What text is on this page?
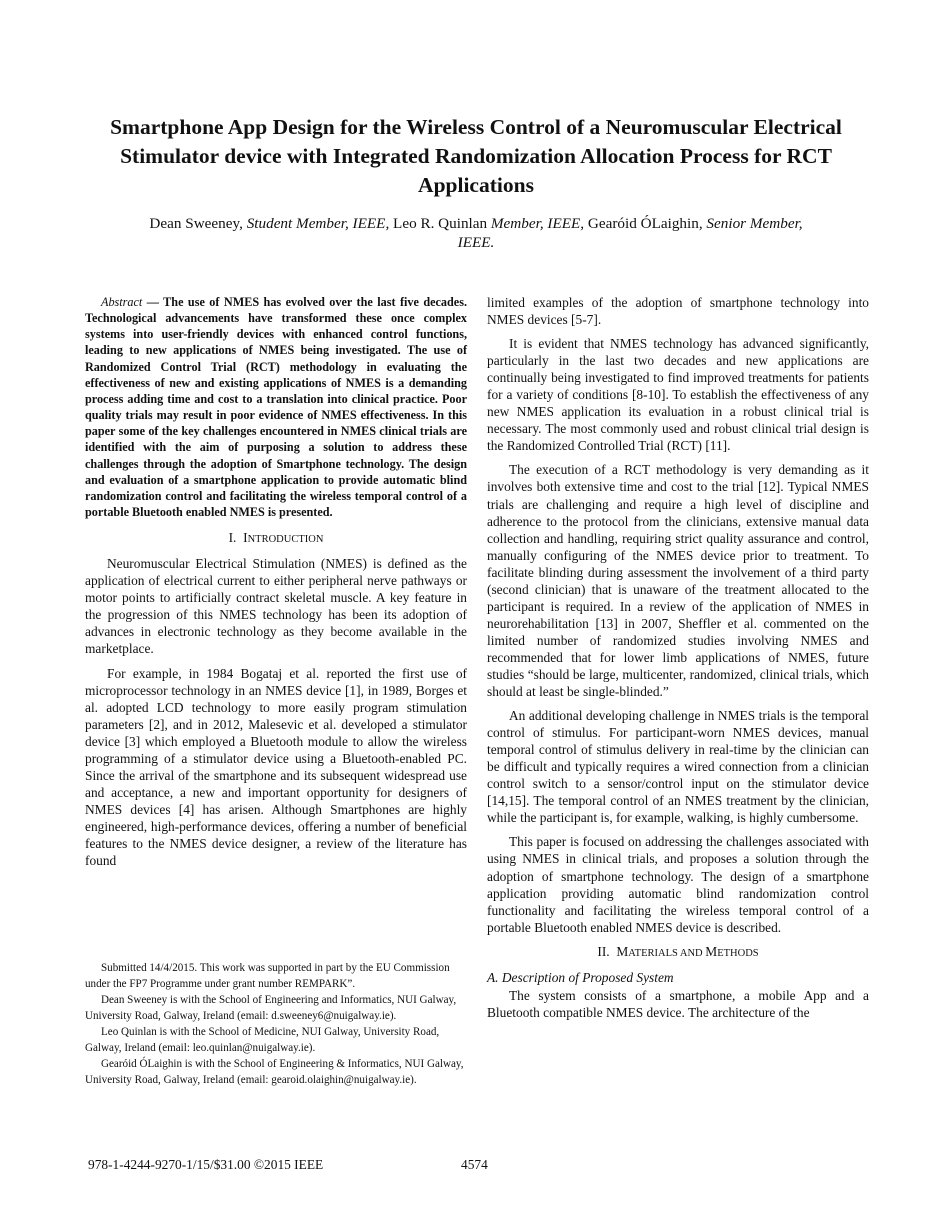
Smartphone App Design for the Wireless Control of a Neuromuscular Electrical Stimulator device with Integrated Randomization Allocation Process for RCT Applications
Dean Sweeney, Student Member, IEEE, Leo R. Quinlan Member, IEEE, Gearóid ÓLaighin, Senior Member, IEEE.
Abstract — The use of NMES has evolved over the last five decades. Technological advancements have transformed these once complex systems into user-friendly devices with enhanced control functions, leading to new applications of NMES being investigated. The use of Randomized Control Trial (RCT) methodology in evaluating the effectiveness of new and existing applications of NMES is a demanding process adding time and cost to a translation into clinical practice. Poor quality trials may result in poor evidence of NMES effectiveness. In this paper some of the key challenges encountered in NMES clinical trials are identified with the aim of purposing a solution to address these challenges through the adoption of Smartphone technology. The design and evaluation of a smartphone application to provide automatic blind randomization control and facilitating the wireless temporal control of a portable Bluetooth enabled NMES is presented.
I. INTRODUCTION

Neuromuscular Electrical Stimulation (NMES) is defined as the application of electrical current to either peripheral nerve pathways or motor points to artificially contract skeletal muscle. A key feature in the progression of this NMES technology has been its adoption of advances in electronic technology as they become available in the marketplace.

For example, in 1984 Bogataj et al. reported the first use of microprocessor technology in an NMES device [1], in 1989, Borges et al. adopted LCD technology to more easily program stimulation parameters [2], and in 2012, Malesevic et al. developed a stimulator device [3] which employed a Bluetooth module to allow the wireless programming of a stimulator device using a Bluetooth-enabled PC. Since the arrival of the smartphone and its subsequent widespread use and acceptance, a new and important opportunity for designers of NMES devices [4] has arisen. Although Smartphones are highly engineered, high-performance devices, offering a number of beneficial features to the NMES device designer, a review of the literature has found

Submitted 14/4/2015. This work was supported in part by the EU Commission under the FP7 Programme under grant number REMPARK”.
Dean Sweeney is with the School of Engineering and Informatics, NUI Galway, University Road, Galway, Ireland (email: d.sweeney6@nuigalway.ie).
Leo Quinlan is with the School of Medicine, NUI Galway, University Road, Galway, Ireland (email: leo.quinlan@nuigalway.ie).
Gearóid ÓLaighin is with the School of Engineering & Informatics, NUI Galway, University Road, Galway, Ireland (email: gearoid.olaighin@nuigalway.ie).

limited examples of the adoption of smartphone technology into NMES devices [5-7].

It is evident that NMES technology has advanced significantly, particularly in the last two decades and new applications are continually being investigated to find improved treatments for patients for a variety of conditions [8-10]. To establish the effectiveness of any new NMES application its evaluation in a robust clinical trial is necessary. The most commonly used and robust clinical trial design is the Randomized Controlled Trial (RCT) [11].

The execution of a RCT methodology is very demanding as it involves both extensive time and cost to the trial [12]. Typical NMES trials are challenging and require a high level of discipline and adherence to the protocol from the clinicians, extensive manual data collection and handling, requiring strict quality assurance and control, manually configuring of the NMES device prior to treatment. To facilitate blinding during assessment the involvement of a third party (second clinician) that is unaware of the treatment allocated to the participant is required. In a review of the application of NMES in neurorehabilitation [13] in 2007, Sheffler et al. commented on the limited number of randomized studies involving NMES and recommended that for lower limb applications of NMES, future studies “should be large, multicenter, randomized, clinical trials, which should at least be single-blinded.”

An additional developing challenge in NMES trials is the temporal control of stimulus. For participant-worn NMES devices, manual temporal control of stimulus delivery in real-time by the clinician can be difficult and typically requires a wired connection from a clinician control switch to a sensor/control input on the stimulator device [14,15]. The temporal control of an NMES treatment by the clinician, while the participant is, for example, walking, is highly cumbersome.

This paper is focused on addressing the challenges associated with using NMES in clinical trials, and proposes a solution through the adoption of smartphone technology. The design of a smartphone application providing automatic blind randomization control functionality and facilitating the wireless temporal control of a portable Bluetooth enabled NMES device is described.

II. MATERIALS AND METHODS
A. Description of Proposed System

The system consists of a smartphone, a mobile App and a Bluetooth compatible NMES device. The architecture of the

978-1-4244-9270-1/15/$31.00 ©2015 IEEE	4574
